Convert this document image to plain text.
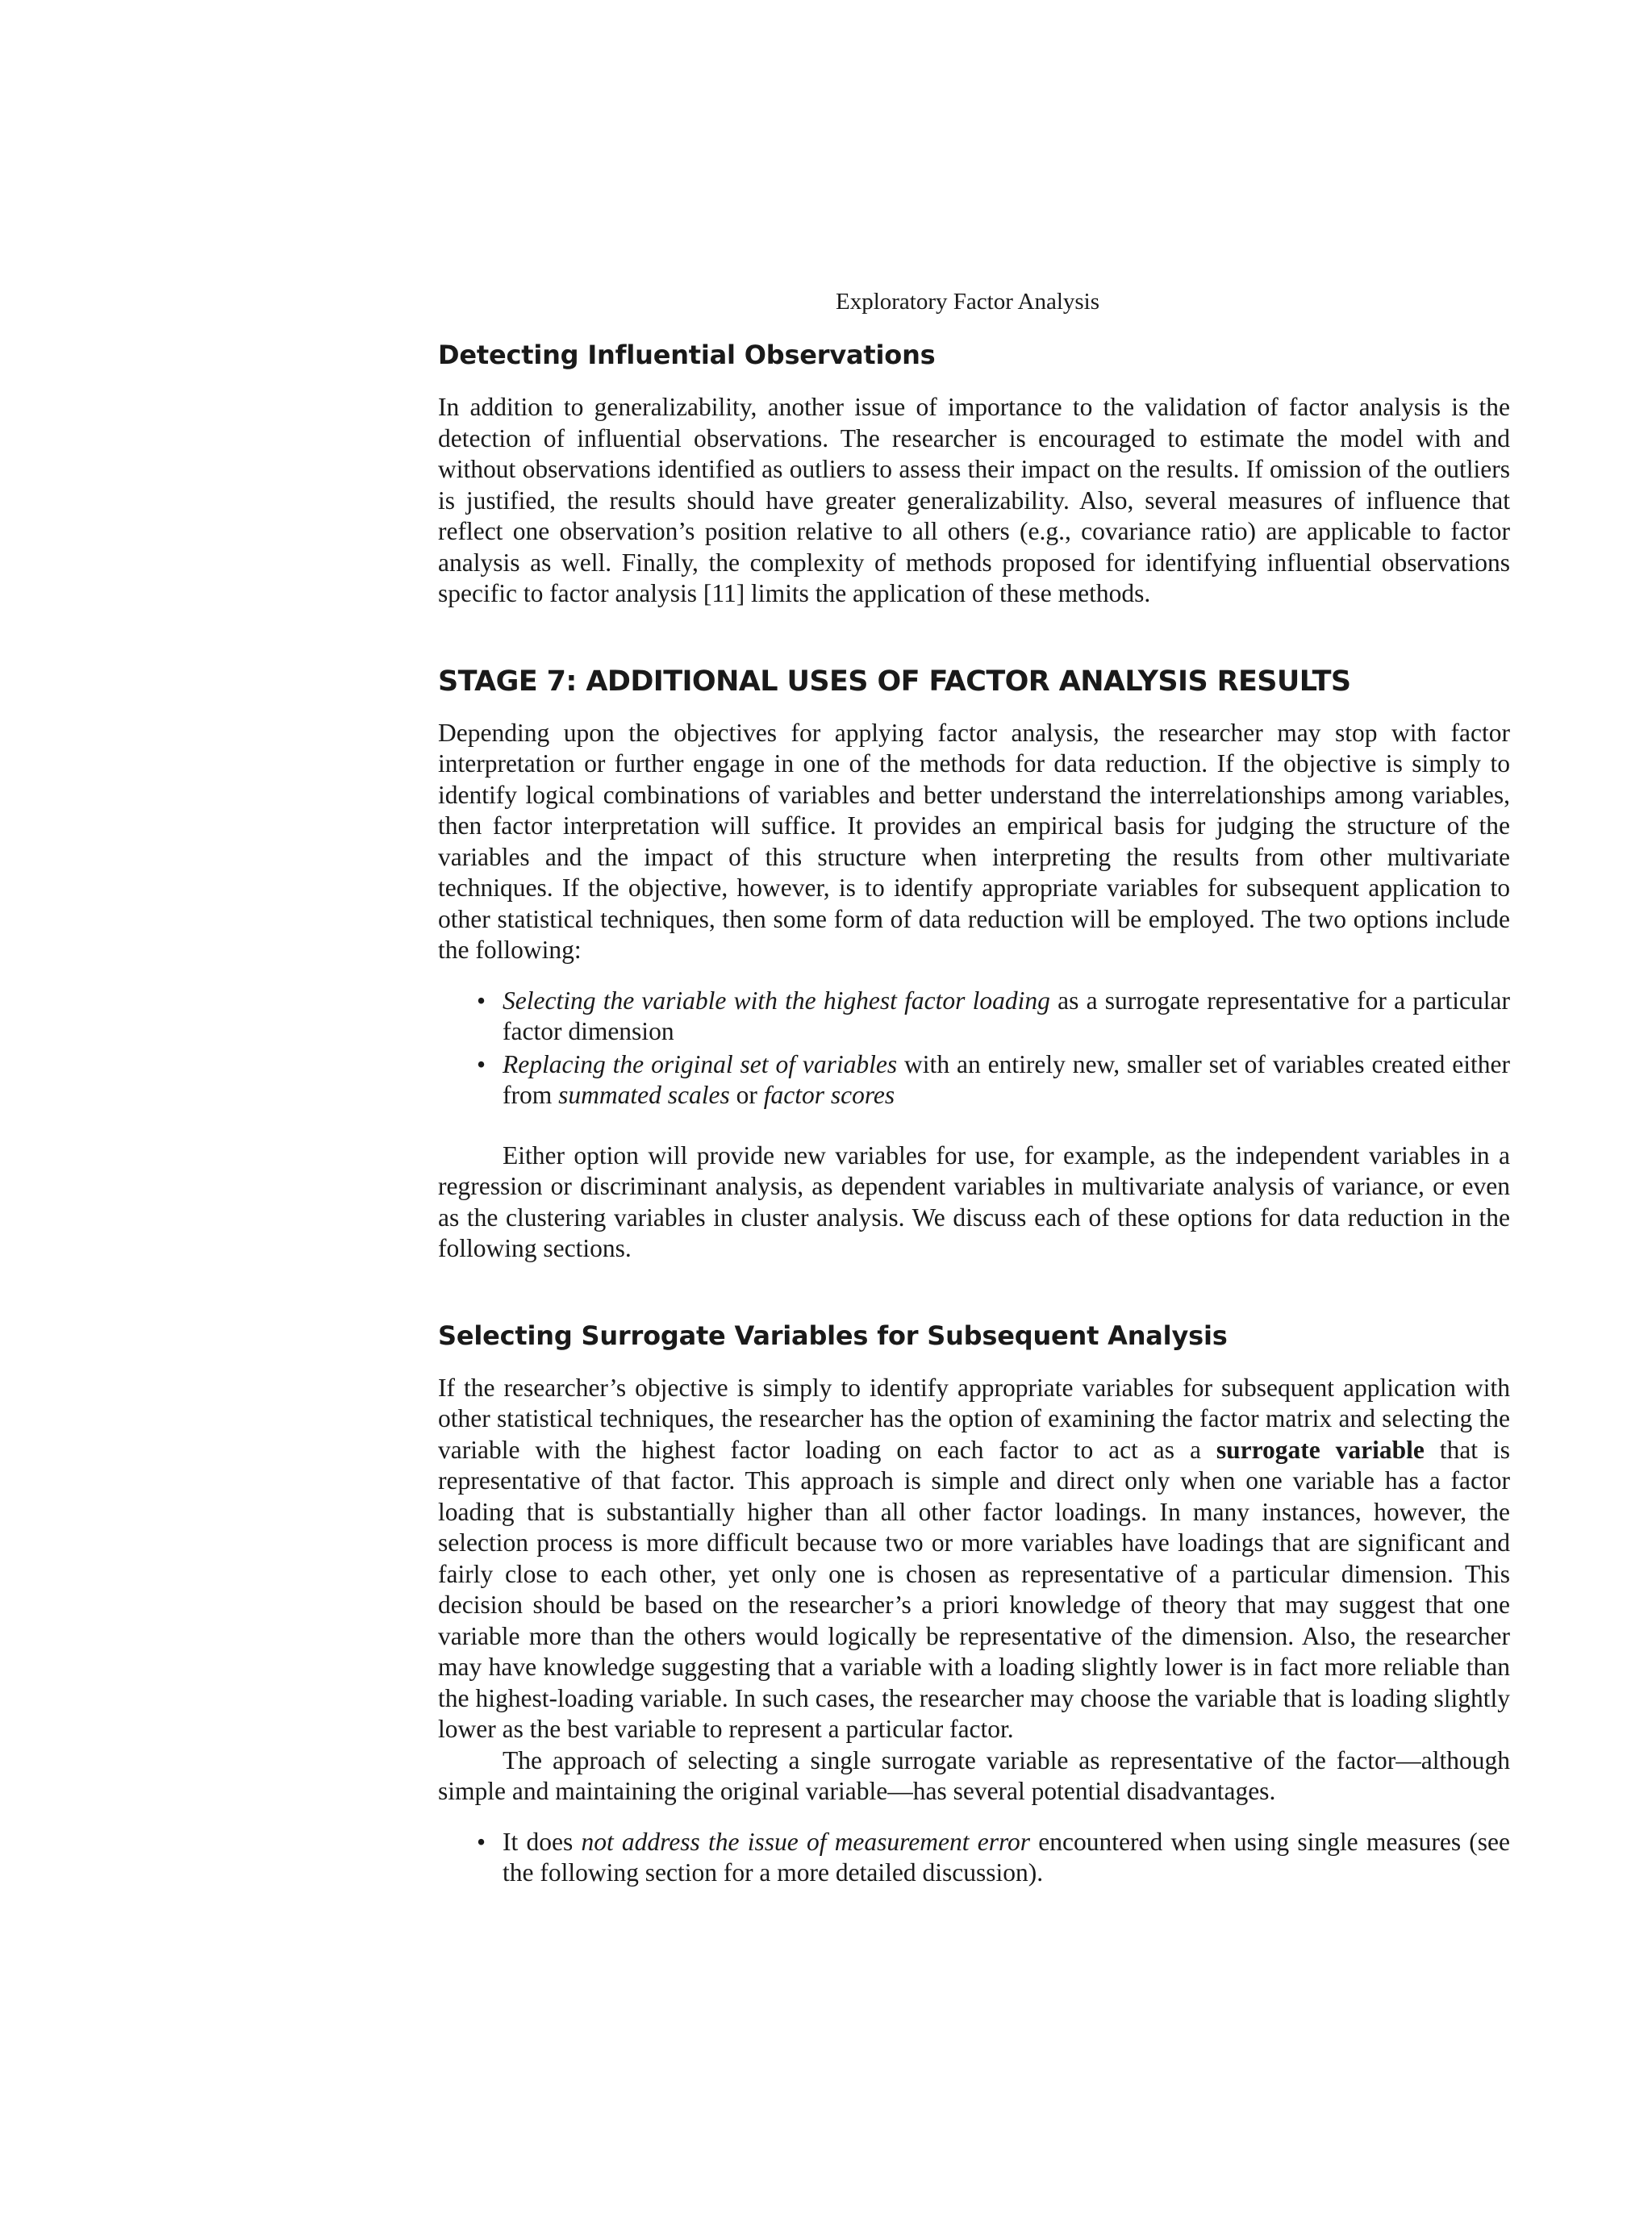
Exploratory Factor Analysis
Detecting Influential Observations

In addition to generalizability, another issue of importance to the validation of factor analysis is the detection of influential observations. The researcher is encouraged to estimate the model with and without observations identified as outliers to assess their impact on the results. If omission of the outliers is justified, the results should have greater generalizability. Also, several measures of influence that reflect one observation’s position relative to all others (e.g., covariance ratio) are applicable to factor analysis as well. Finally, the complexity of methods proposed for identifying influential observations specific to factor analysis [11] limits the application of these methods.

STAGE 7: ADDITIONAL USES OF FACTOR ANALYSIS RESULTS

Depending upon the objectives for applying factor analysis, the researcher may stop with factor interpretation or further engage in one of the methods for data reduction. If the objective is simply to identify logical combinations of variables and better understand the interrelationships among variables, then factor interpretation will suffice. It provides an empirical basis for judging the structure of the variables and the impact of this structure when interpreting the results from other multivariate techniques. If the objective, however, is to identify appropriate variables for subsequent application to other statistical techniques, then some form of data reduction will be employed. The two options include the following:

• Selecting the variable with the highest factor loading as a surrogate representative for a particular factor dimension
• Replacing the original set of variables with an entirely new, smaller set of variables created either from summated scales or factor scores

Either option will provide new variables for use, for example, as the independent variables in a regression or discriminant analysis, as dependent variables in multivariate analysis of variance, or even as the clustering variables in cluster analysis. We discuss each of these options for data reduction in the following sections.

Selecting Surrogate Variables for Subsequent Analysis

If the researcher’s objective is simply to identify appropriate variables for subsequent application with other statistical techniques, the researcher has the option of examining the factor matrix and selecting the variable with the highest factor loading on each factor to act as a surrogate variable that is representative of that factor. This approach is simple and direct only when one variable has a factor loading that is substantially higher than all other factor loadings. In many instances, however, the selection process is more difficult because two or more variables have loadings that are significant and fairly close to each other, yet only one is chosen as representative of a particular dimension. This decision should be based on the researcher’s a priori knowledge of theory that may suggest that one variable more than the others would logically be representative of the dimension. Also, the researcher may have knowledge suggesting that a variable with a loading slightly lower is in fact more reliable than the highest-loading variable. In such cases, the researcher may choose the variable that is loading slightly lower as the best variable to represent a particular factor.

The approach of selecting a single surrogate variable as representative of the factor—although simple and maintaining the original variable—has several potential disadvantages.

• It does not address the issue of measurement error encountered when using single measures (see the following section for a more detailed discussion).
